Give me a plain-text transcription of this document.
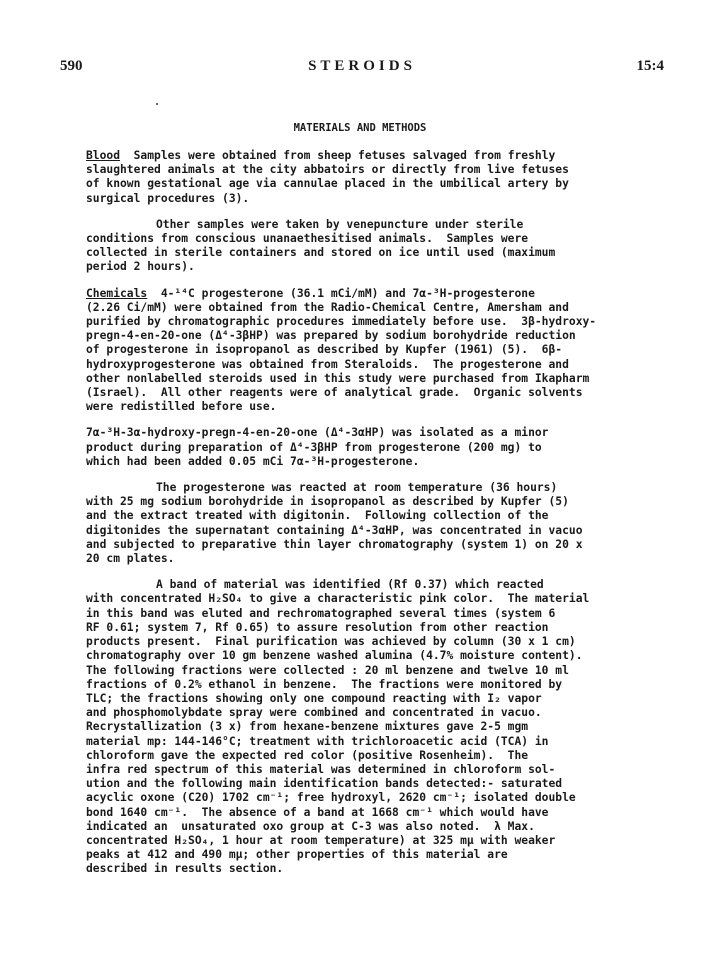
590	STEROIDS	15:4
MATERIALS AND METHODS
Blood  Samples were obtained from sheep fetuses salvaged from freshly
slaughtered animals at the city abbatoirs or directly from live fetuses
of known gestational age via cannulae placed in the umbilical artery by
surgical procedures (3).
Other samples were taken by venepuncture under sterile
conditions from conscious unanaethesitised animals.  Samples were
collected in sterile containers and stored on ice until used (maximum
period 2 hours).
Chemicals  4-¹⁴C progesterone (36.1 mCi/mM) and 7α-³H-progesterone
(2.26 Ci/mM) were obtained from the Radio-Chemical Centre, Amersham and
purified by chromatographic procedures immediately before use.  3β-hydroxy-
pregn-4-en-20-one (Δ⁴-3βHP) was prepared by sodium borohydride reduction
of progesterone in isopropanol as described by Kupfer (1961) (5).  6β-
hydroxyprogesterone was obtained from Steraloids.  The progesterone and
other nonlabelled steroids used in this study were purchased from Ikapharm
(Israel).  All other reagents were of analytical grade.  Organic solvents
were redistilled before use.
7α-³H-3α-hydroxy-pregn-4-en-20-one (Δ⁴-3αHP) was isolated as a minor
product during preparation of Δ⁴-3βHP from progesterone (200 mg) to
which had been added 0.05 mCi 7α-³H-progesterone.
The progesterone was reacted at room temperature (36 hours)
with 25 mg sodium borohydride in isopropanol as described by Kupfer (5)
and the extract treated with digitonin.  Following collection of the
digitonides the supernatant containing Δ⁴-3αHP, was concentrated in vacuo
and subjected to preparative thin layer chromatography (system 1) on 20 x
20 cm plates.
A band of material was identified (Rf 0.37) which reacted
with concentrated H₂SO₄ to give a characteristic pink color.  The material
in this band was eluted and rechromatographed several times (system 6
RF 0.61; system 7, Rf 0.65) to assure resolution from other reaction
products present.  Final purification was achieved by column (30 x 1 cm)
chromatography over 10 gm benzene washed alumina (4.7% moisture content).
The following fractions were collected : 20 ml benzene and twelve 10 ml
fractions of 0.2% ethanol in benzene.  The fractions were monitored by
TLC; the fractions showing only one compound reacting with I₂ vapor
and phosphomolybdate spray were combined and concentrated in vacuo.
Recrystallization (3 x) from hexane-benzene mixtures gave 2-5 mgm
material mp: 144-146°C; treatment with trichloroacetic acid (TCA) in
chloroform gave the expected red color (positive Rosenheim).  The
infra red spectrum of this material was determined in chloroform sol-
ution and the following main identification bands detected:- saturated
acyclic oxone (C20) 1702 cm⁻¹; free hydroxyl, 2620 cm⁻¹; isolated double
bond 1640 cm⁻¹.  The absence of a band at 1668 cm⁻¹ which would have
indicated an  unsaturated oxo group at C-3 was also noted.  λ Max.
concentrated H₂SO₄, 1 hour at room temperature) at 325 mμ with weaker
peaks at 412 and 490 mμ; other properties of this material are
described in results section.
